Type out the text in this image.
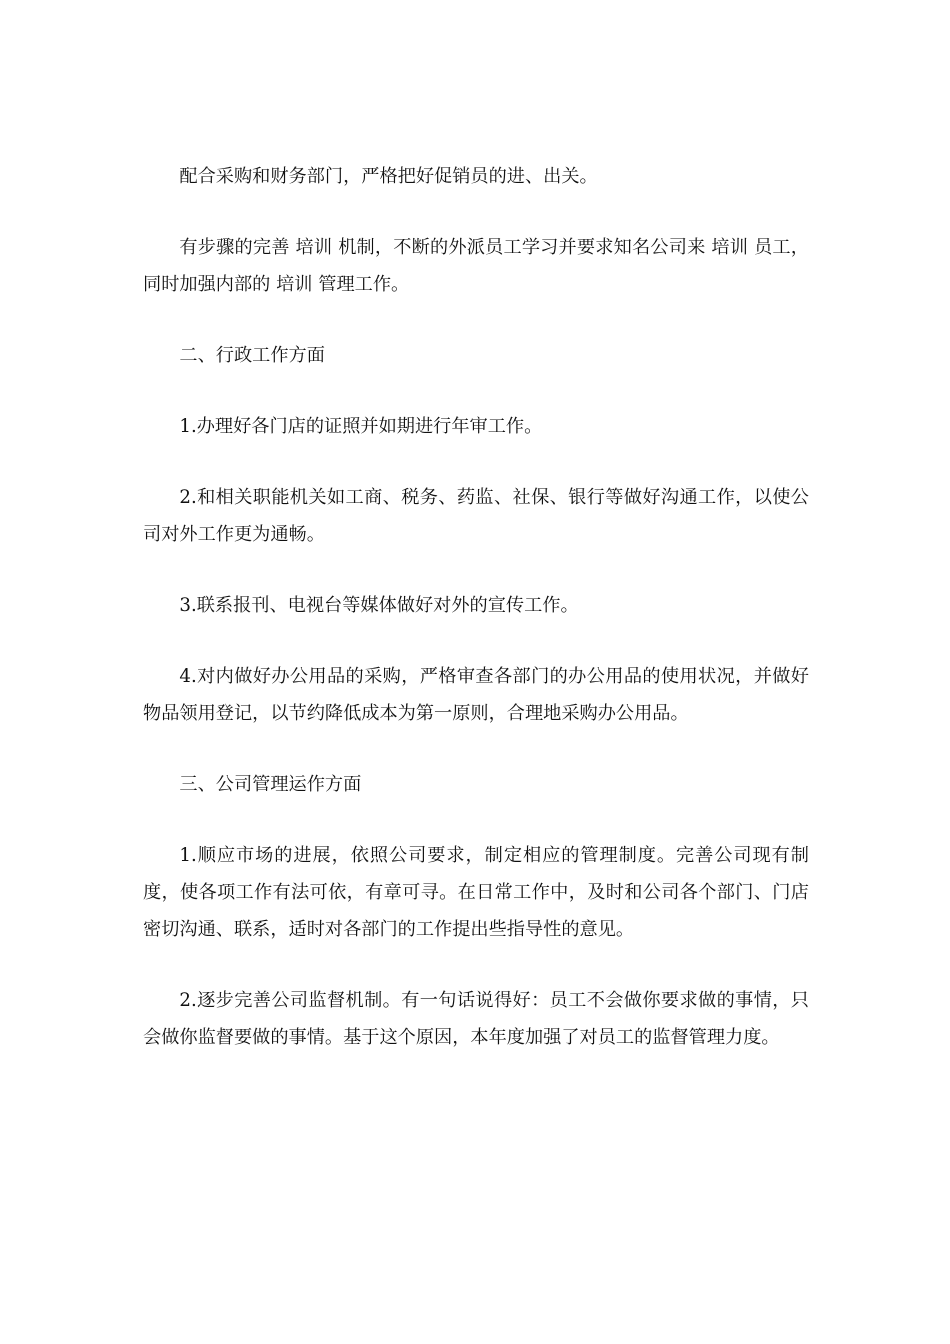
配合采购和财务部门，严格把好促销员的进、出关。

有步骤的完善 培训 机制，不断的外派员工学习并要求知名公司来 培训 员工，同时加强内部的 培训 管理工作。

二、行政工作方面

1.办理好各门店的证照并如期进行年审工作。

2.和相关职能机关如工商、税务、药监、社保、银行等做好沟通工作，以使公司对外工作更为通畅。

3.联系报刊、电视台等媒体做好对外的宣传工作。

4.对内做好办公用品的采购，严格审查各部门的办公用品的使用状况，并做好物品领用登记，以节约降低成本为第一原则，合理地采购办公用品。

三、公司管理运作方面

1.顺应市场的进展，依照公司要求，制定相应的管理制度。完善公司现有制度，使各项工作有法可依，有章可寻。在日常工作中，及时和公司各个部门、门店密切沟通、联系，适时对各部门的工作提出些指导性的意见。

2.逐步完善公司监督机制。有一句话说得好：员工不会做你要求做的事情，只会做你监督要做的事情。基于这个原因，本年度加强了对员工的监督管理力度。
